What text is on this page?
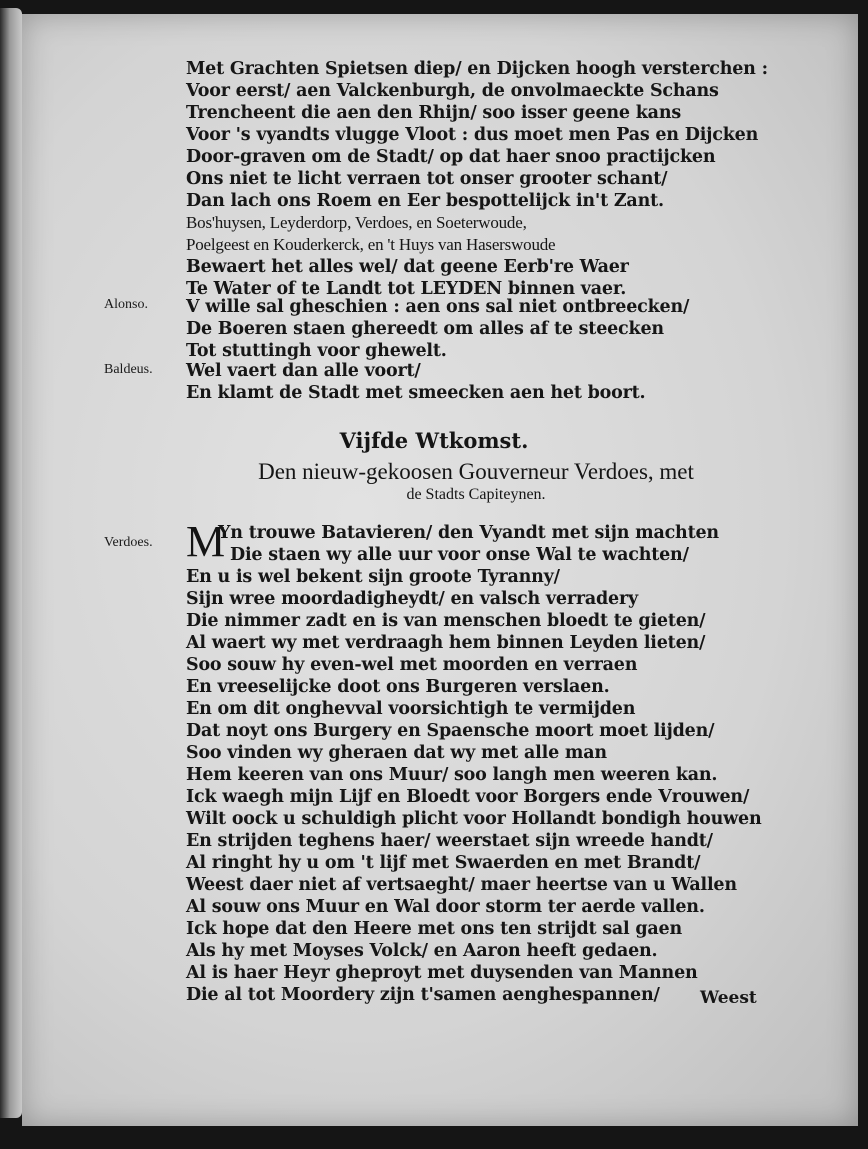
Met Grachten Spietsen diep/ en Dijcken hoogh versterchen :
Voor eerst/ aen Valckenburgh, de onvolmaeckte Schans
Trencheent die aen den Rhijn/ soo isser geene kans
Voor 's vyandts vlugge Vloot : dus moet men Pas en Dijcken
Door-graven om de Stadt/ op dat haer snoo practijcken
Ons niet te licht verraen tot onser grooter schant/
Dan lach ons Roem en Eer bespottelijck in't Zant.
Bos'huysen, Leyderdorp, Verdoes, en Soeterwoude,
Poelgeest en Kouderkerck, en 't Huys van Haserswoude
Bewaert het alles wel/ dat geene Eerb're Waer
Te Water of te Landt tot LEYDEN binnen vaer.
Alonso. V wille sal gheschien : aen ons sal niet ontbreecken/
De Boeren staen ghereedt om alles af te steecken
Tot stuttingh voor ghewelt.
Baldeus. Wel vaert dan alle voort/
En klamt de Stadt met smeecken aen het boort.
Vijfde Wtkomst.
Den nieuw-gekoosen Gouverneur Verdoes, met
de Stadts Capiteynen.
Verdoes. M
Yn trouwe Batavieren/ den Vyandt met sijn machten
Die staen wy alle uur voor onse Wal te wachten/
En u is wel bekent sijn groote Tyranny/
Sijn wree moordadigheydt/ en valsch verradery
Die nimmer zadt en is van menschen bloedt te gieten/
Al waert wy met verdraagh hem binnen Leyden lieten/
Soo souw hy even-wel met moorden en verraen
En vreeselijcke doot ons Burgeren verslaen.
En om dit onghevval voorsichtigh te vermijden
Dat noyt ons Burgery en Spaensche moort moet lijden/
Soo vinden wy gheraen dat wy met alle man
Hem keeren van ons Muur/ soo langh men weeren kan.
Ick waegh mijn Lijf en Bloedt voor Borgers ende Vrouwen/
Wilt oock u schuldigh plicht voor Hollandt bondigh houwen
En strijden teghens haer/ weerstaet sijn wreede handt/
Al ringht hy u om 't lijf met Swaerden en met Brandt/
Weest daer niet af vertsaeght/ maer heertse van u Wallen
Al souw ons Muur en Wal door storm ter aerde vallen.
Ick hope dat den Heere met ons ten strijdt sal gaen
Als hy met Moyses Volck/ en Aaron heeft gedaen.
Al is haer Heyr gheproyt met duysenden van Mannen
Die al tot Moordery zijn t'samen aenghespannen/ Weest
